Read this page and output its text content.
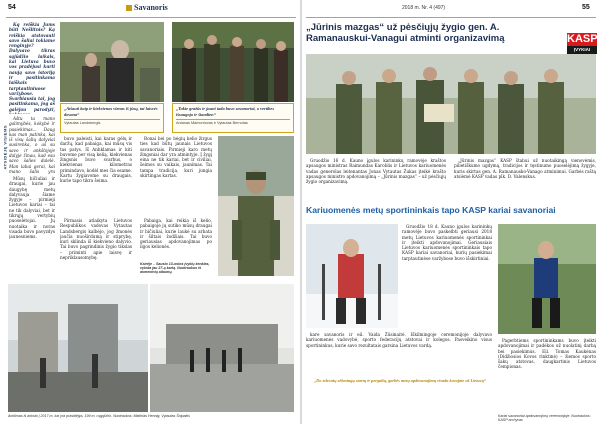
54	Savanoris
ATSIDĖJĘ VISIEMS

Kq reiškia Jums būti Nešlitnis? Ką reiškia atstovauti savo šaliai tokiame renginyje? Dalyvavo tikras sąjūdžio laikais, kai Lietuva buvo vos pradėjusi kurti naują savo istoriją ir pasitinkama laiškais tarptautiniuose varžybose. Svarbiausia tai, jog pasitinkama, jog aš galėjau parodyti,

Aštu ta mano galimybės, kokybė ir pasiekimas... Daug kas man patinka, kai iš visų šalių dalyviai susirenka, o aš su savo ir ankštojoje dalyje žinau, kad esu savo šalies dalelė. Man labai gerai, kai mano šalis yra

Mūsų bičiuliai ir draugai, kurie jau daugybę metų dalyvauja šiame žygyje – pirmieji Lietuvos kariai – tai ne tik dalyviai, bet ir tikrųjų vertybių puoselėtojai. Jų nuotaika ir noras visada buvo pavyzdys jaunesniems.

„Atšauti kaip ir kiekvienas vienas iš jūsų, tai laisvės dovana“
Vytautas Landsbergis
„Tokie gražūs ir jauni tada buvo savanoriai, o vertibes išsaugojo ir šiandien“
Antanas Mamontovas ir Vytautas Bernotas

buvo paleisti, kai karas gėlų ir daržų, kad pabaiga, kai mūsų vis tas patys. Iš Anhklamas ir kiti buvome per visą kelią, kiekvienas žingsnis buvo svarbus, o kiekvienas kilometras primindavo, kodėl mes čia esame. Kartu žygiavome su draugais, kurie tapo tikra šeima.

Pirmasis atlaikyta Lietuvos Respublikos vadovas Vytautas Landsbergis kalbėjo, jog žmonės jaučia nuoširdumą ir stiprybę, kuri sklinda iš kiekvieno dalyvio. Tai buvo pagrindinis žygio tikslas – priminti apie laisvę ir nepriklausomybę.

Bonai bei po bėgių kelio žirgus ties kad būtų jaunais Lietuvos savanoriais. Pirmieji karo metų žingsniai dar yra atmintyje. Į žygį eina ne tik kariai, bet ir civiliai, šeimos su vaikais, jaunimas. Tai tampa tradicija, kuri jungia skirtingas kartas.

Pabaiga, kai reikia iš kelio, pabaigoje jų sutiko mūsų draugai ir bičiuliai, kurie laukė su arbata ir šiltais žodžiais. Tai buvo geriausias apdovanojimas po ilgos kelionės.

Kairėje – Sausio 13-osios įvykių ženklas, vyksta jau 27-ą kartą. Nuotraukos iš asmeninių albumų.
Anklimas iš anksto į 2017 m. kai yra prasidėjęs, 199 m. rugpjūčio. Nuotraukos: Matthias Hennig, Vytautas Šnipaitis
2018 m. Nr. 4 (497)	55
„Jūrinis mazgas“ už pėsčiųjų žygio gen. A. Ramanauskui-Vanagui atminti organizavimą	KASP
ĮVYKIAI

Gruodžio 16 d. Kauno įgulos karininkų ramovėje kraštos apsaugos ministras Raimundas Karoblis ir Lietuvos kariuomenės vadas generolas leitenantas Jonas Vytautas Žukas įteikė krašto apsaugos ministro apdovanojimą – „Jūrinis mazgas“ – už pėsčiųjų žygio organizavimą.

„Jūrinis mazgas“ KASP štabui už nuotaikingą vienovėmis, pilietiškumo ugdymą, tradicijos ir tęstinumo puoselėjimą žygyje, kuris skirtas gen. A. Ramanausko-Vanago atminimui. Garbės raštą atsiėmė KASP vadas plk. D. Valenskus.

Kariuomenės metų sportininkais tapo KASP kariai savanoriai

Gruodžio 18 d. Kauno įgulos karininkų ramovėje buvo paskelbti geriausi 2018 metų Lietuvos kariuomenės sportininkai ir įteikti apdovanojimai. Geriausiais Lietuvos kariuomenės sportininkais tapo KASP kariai savanoriai, kurių pasiekimai tarptautinėse varžybose buvo išskirtiniai.

kare savanoris ir eil. Vaida Žūsinaitė. Iškilmingoje ceremonijoje dalyvavo kariuomenės vadovybė, sporto federacijų atstovai ir kolegos. Pasveikino visus sportininkus, kurie savo rezultatais garsina Lietuvos vardą.

„Do tolesnių sėkmingų startų ir pergalių, garbės metų apdovanojimų visada kovojate už Lietuvą“

Pagerbtiems sportininkams buvo įteikti apdovanojimai ir padėkos už nuolatinį darbą bei pasiekimus. Eil. Tomas Kaukėnas (Didžiosios Kovos rinktinė) – žiemos sporto šakų atstovas, daugkartinis Lietuvos čempionas.

Kariai savanoriai apdovanojimų ceremonijoje. Nuotraukos: KASP archyvas
